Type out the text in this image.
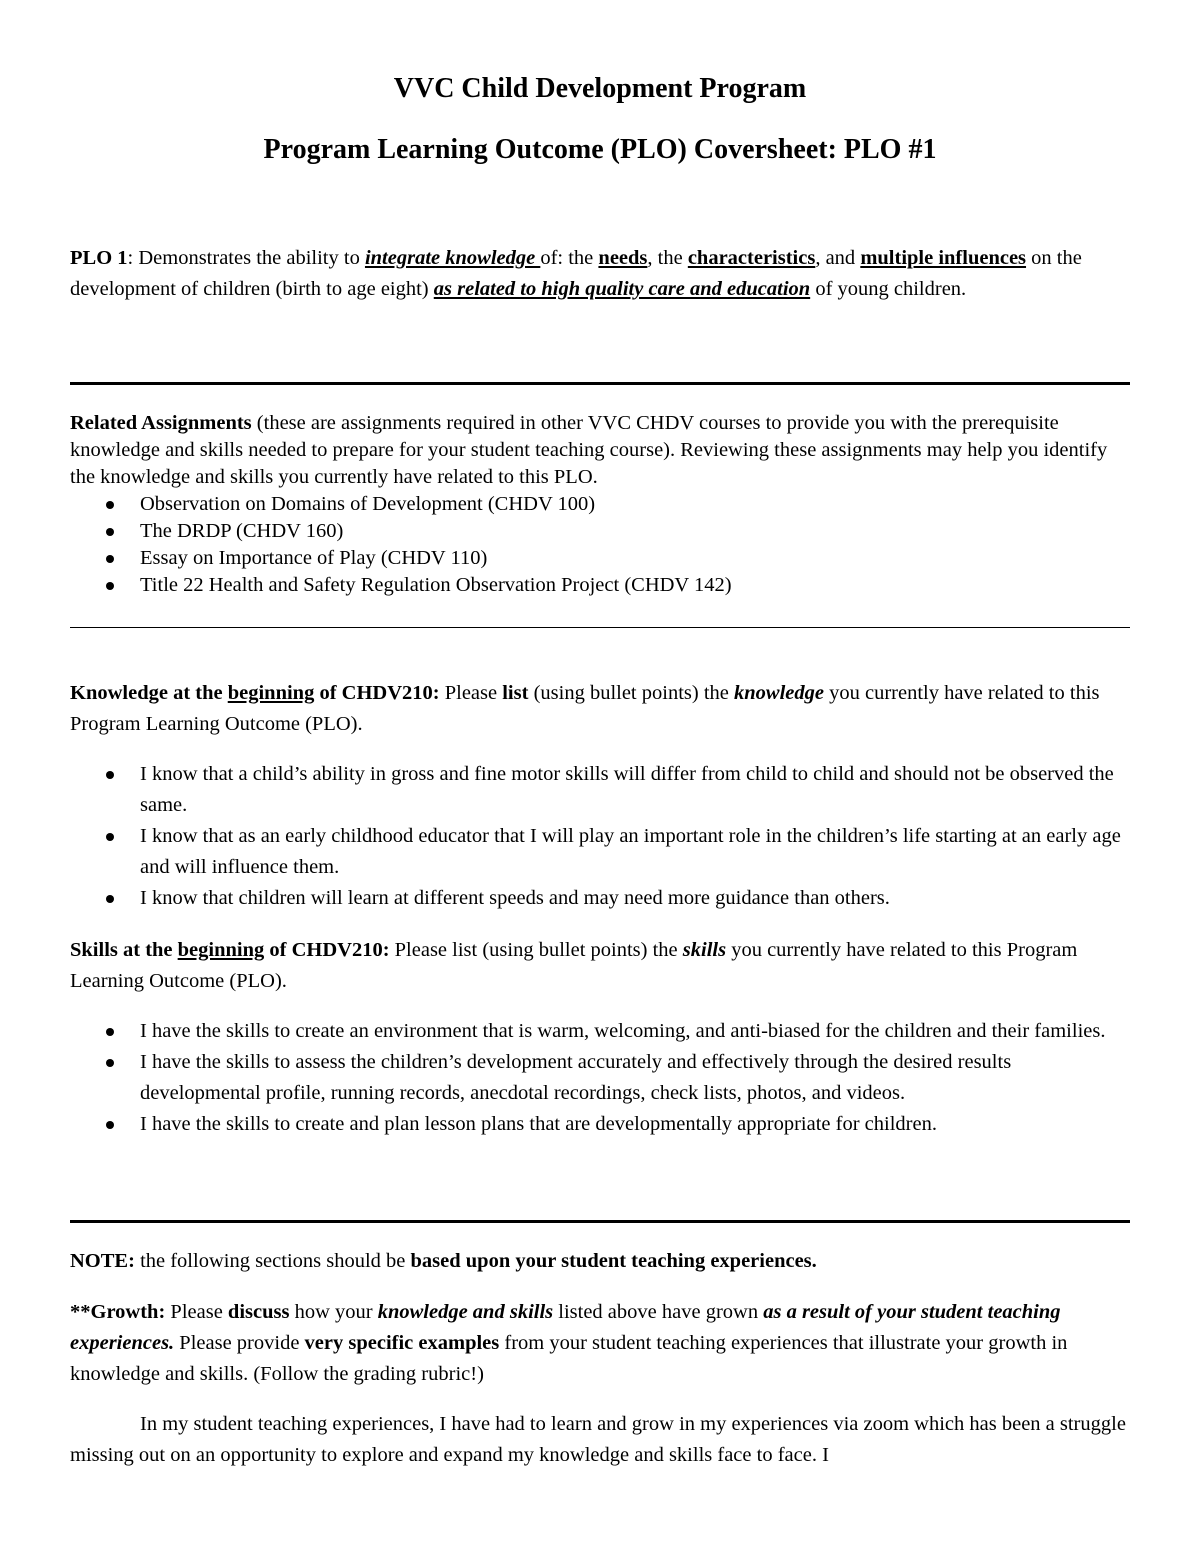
VVC Child Development Program
Program Learning Outcome (PLO) Coversheet: PLO #1
PLO 1: Demonstrates the ability to integrate knowledge of: the needs, the characteristics, and multiple influences on the development of children (birth to age eight) as related to high quality care and education of young children.
Related Assignments (these are assignments required in other VVC CHDV courses to provide you with the prerequisite knowledge and skills needed to prepare for your student teaching course). Reviewing these assignments may help you identify the knowledge and skills you currently have related to this PLO.
Observation on Domains of Development (CHDV 100)
The DRDP (CHDV 160)
Essay on Importance of Play (CHDV 110)
Title 22 Health and Safety Regulation Observation Project (CHDV 142)
Knowledge at the beginning of CHDV210: Please list (using bullet points) the knowledge you currently have related to this Program Learning Outcome (PLO).
I know that a child’s ability in gross and fine motor skills will differ from child to child and should not be observed the same.
I know that as an early childhood educator that I will play an important role in the children’s life starting at an early age and will influence them.
I know that children will learn at different speeds and may need more guidance than others.
Skills at the beginning of CHDV210: Please list (using bullet points) the skills you currently have related to this Program Learning Outcome (PLO).
I have the skills to create an environment that is warm, welcoming, and anti-biased for the children and their families.
I have the skills to assess the children’s development accurately and effectively through the desired results developmental profile, running records, anecdotal recordings, check lists, photos, and videos.
I have the skills to create and plan lesson plans that are developmentally appropriate for children.
NOTE: the following sections should be based upon your student teaching experiences.
**Growth: Please discuss how your knowledge and skills listed above have grown as a result of your student teaching experiences. Please provide very specific examples from your student teaching experiences that illustrate your growth in knowledge and skills. (Follow the grading rubric!)
In my student teaching experiences, I have had to learn and grow in my experiences via zoom which has been a struggle missing out on an opportunity to explore and expand my knowledge and skills face to face. I
